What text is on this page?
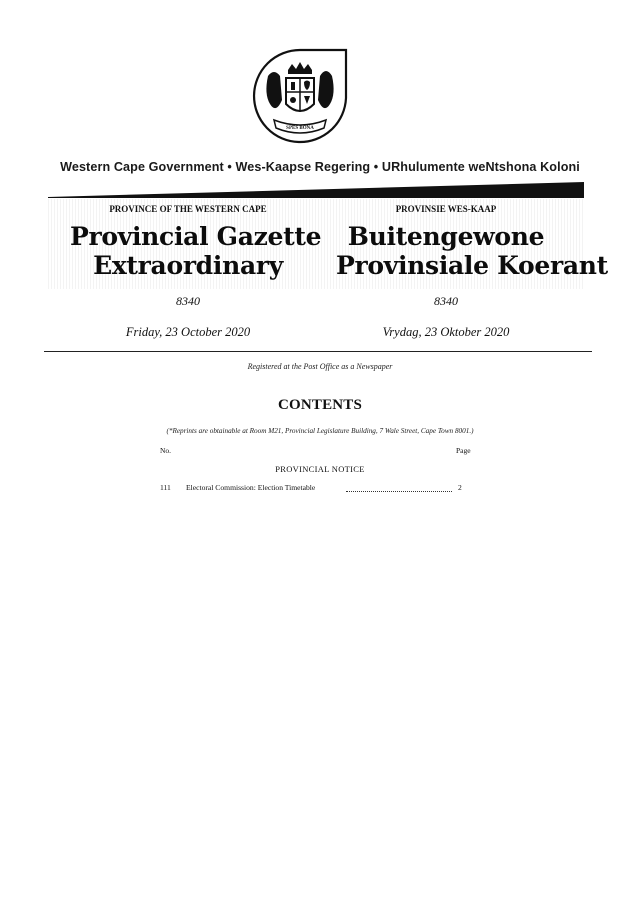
SPES BONA
Western Cape Government • Wes-Kaapse Regering • URhulumente weNtshona Koloni
PROVINCE OF THE WESTERN CAPE
Provincial Gazette
Extraordinary
8340
Friday, 23 October 2020
PROVINSIE WES-KAAP
Buitengewone
Provinsiale Koerant
8340
Vrydag, 23 Oktober 2020
Registered at the Post Office as a Newspaper
CONTENTS
(*Reprints are obtainable at Room M21, Provincial Legislature Building, 7 Wale Street, Cape Town 8001.)
No.	Page
PROVINCIAL NOTICE
111 Electoral Commission: Election Timetable	2
